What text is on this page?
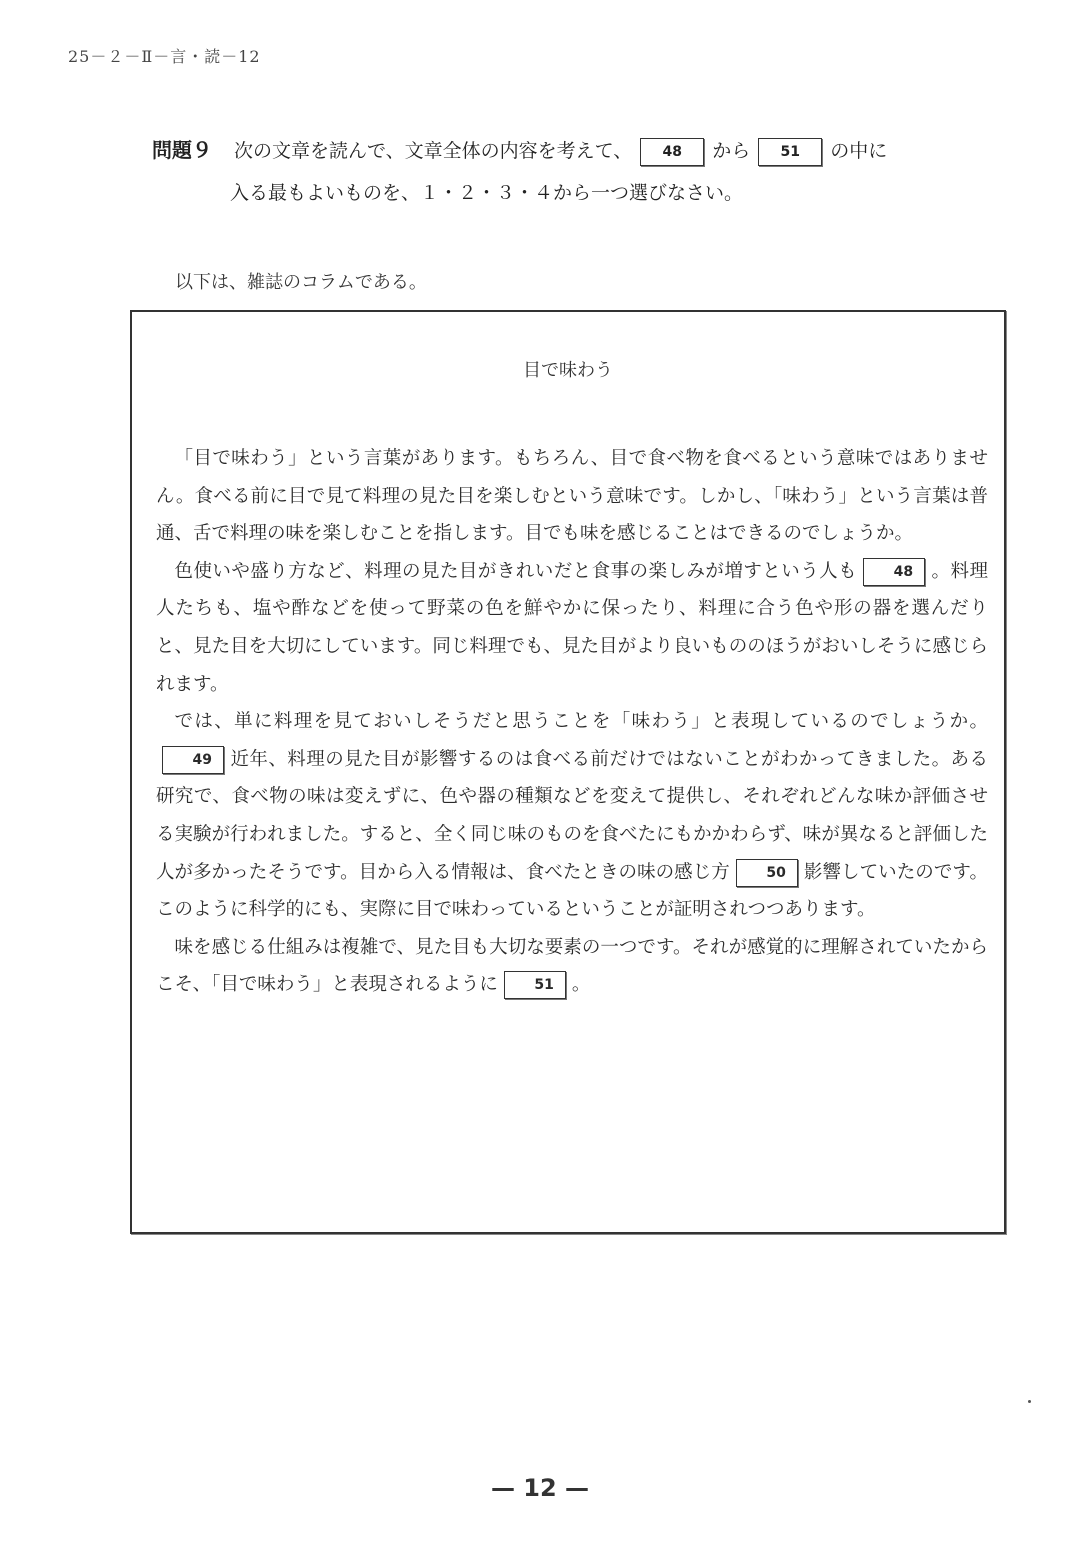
25－２－Ⅱ－言・読－12
問題９ 次の文章を読んで、文章全体の内容を考えて、 48 から 51 の中に
入る最もよいものを、１・２・３・４から一つ選びなさい。
以下は、雑誌のコラムである。
目で味わう

「目で味わう」という言葉があります。もちろん、目で食べ物を食べるという意味ではありません。食べる前に目で見て料理の見た目を楽しむという意味です。しかし、「味わう」という言葉は普通、舌で料理の味を楽しむことを指します。目でも味を感じることはできるのでしょうか。

色使いや盛り方など、料理の見た目がきれいだと食事の楽しみが増すという人も	48 。料理人たちも、塩や酢などを使って野菜の色を鮮やかに保ったり、料理に合う色や形の器を選んだりと、見た目を大切にしています。同じ料理でも、見た目がより良いもののほうがおいしそうに感じられます。

では、単に料理を見ておいしそうだと思うことを「味わう」と表現しているのでしょうか。49 近年、料理の見た目が影響するのは食べる前だけではないことがわかってきました。ある研究で、食べ物の味は変えずに、色や器の種類などを変えて提供し、それぞれどんな味か評価させる実験が行われました。すると、全く同じ味のものを食べたにもかかわらず、味が異なると評価した人が多かったそうです。目から入る情報は、食べたときの味の感じ方	50 影響していたのです。このように科学的にも、実際に目で味わっているということが証明されつつあります。

味を感じる仕組みは複雑で、見た目も大切な要素の一つです。それが感覚的に理解されていたからこそ、「目で味わう」と表現されるように	51 。

— 12 —
